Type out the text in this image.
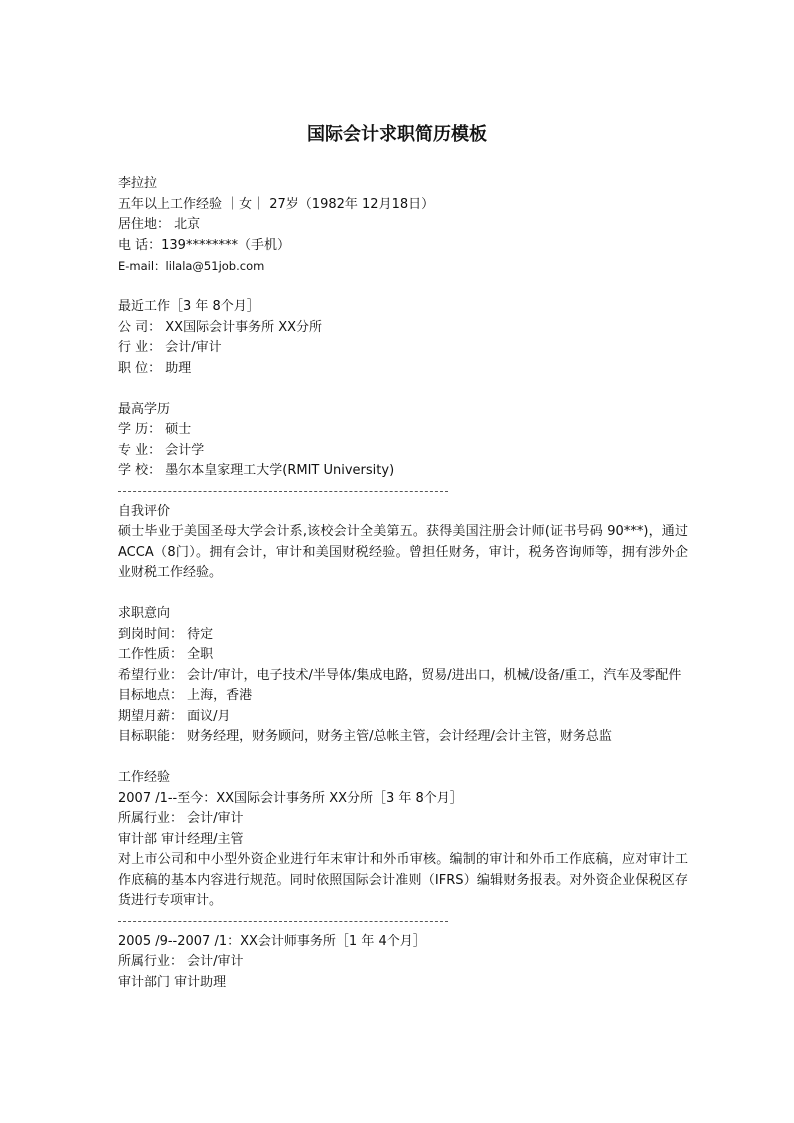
国际会计求职简历模板
李拉拉
五年以上工作经验 ｜女｜ 27岁（1982年 12月18日）
居住地： 北京
电 话：139********（手机）
E-mail：lilala@51job.com
最近工作［3 年 8个月］
公 司： XX国际会计事务所 XX分所
行 业： 会计/审计
职 位： 助理
最高学历
学 历： 硕士
专 业： 会计学
学 校： 墨尔本皇家理工大学(RMIT University)
自我评价
硕士毕业于美国圣母大学会计系,该校会计全美第五。获得美国注册会计师(证书号码 90***)，通过 ACCA（8门）。拥有会计，审计和美国财税经验。曾担任财务，审计，税务咨询师等，拥有涉外企业财税工作经验。
求职意向
到岗时间： 待定
工作性质： 全职
希望行业： 会计/审计，电子技术/半导体/集成电路，贸易/进出口，机械/设备/重工，汽车及零配件
目标地点： 上海，香港
期望月薪： 面议/月
目标职能： 财务经理，财务顾问，财务主管/总帐主管，会计经理/会计主管，财务总监
工作经验
2007 /1--至今：XX国际会计事务所 XX分所［3 年 8个月］
所属行业： 会计/审计
审计部 审计经理/主管
对上市公司和中小型外资企业进行年末审计和外币审核。编制的审计和外币工作底稿，应对审计工作底稿的基本内容进行规范。同时依照国际会计准则（IFRS）编辑财务报表。对外资企业保税区存货进行专项审计。
2005 /9--2007 /1：XX会计师事务所［1 年 4个月］
所属行业： 会计/审计
审计部门 审计助理
